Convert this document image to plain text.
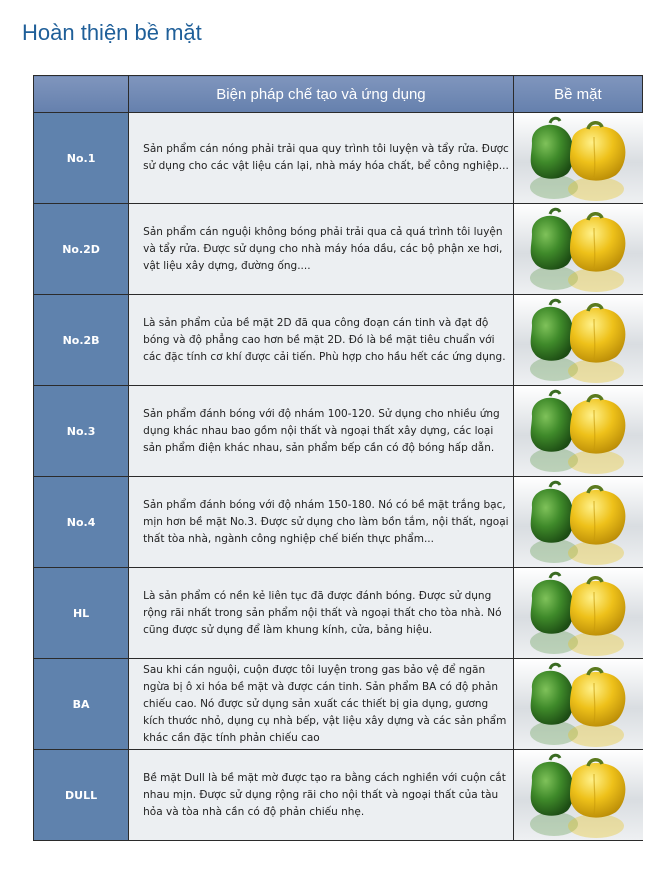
Hoàn thiện bề mặt
	Biện pháp chế tạo và ứng dụng	Bề mặt
No.1	Sản phẩm cán nóng phải trải qua quy trình tôi luyện và tẩy rửa. Được sử dụng cho các vật liệu cán lại, nhà máy hóa chất, bể công nghiệp...	

No.2D	Sản phẩm cán nguội không bóng phải trải qua cả quá trình tôi luyện và tẩy rửa. Được sử dụng cho nhà máy hóa dầu, các bộ phận xe hơi, vật liệu xây dựng, đường ống....	

No.2B	Là sản phẩm của bề mặt 2D đã qua công đoạn cán tinh và đạt độ bóng và độ phẳng cao hơn bề mặt 2D. Đó là bề mặt tiêu chuẩn với các đặc tính cơ khí được cải tiến. Phù hợp cho hầu hết các ứng dụng.	

No.3	Sản phẩm đánh bóng với độ nhám 100-120. Sử dụng cho nhiều ứng dụng khác nhau bao gồm nội thất và ngoại thất xây dựng, các loại sản phẩm điện khác nhau, sản phẩm bếp cần có độ bóng hấp dẫn.	

No.4	Sản phẩm đánh bóng với độ nhám 150-180. Nó có bề mặt trắng bạc, mịn hơn bề mặt No.3. Được sử dụng cho làm bồn tắm, nội thất, ngoại thất tòa nhà, ngành công nghiệp chế biến thực phẩm...	

HL	Là sản phẩm có nền kẻ liên tục đã được đánh bóng. Được sử dụng rộng rãi nhất trong sản phẩm nội thất và ngoại thất cho tòa nhà. Nó cũng được sử dụng để làm khung kính, cửa, bảng hiệu.	

BA	Sau khi cán nguội, cuộn được tôi luyện trong gas bảo vệ để ngăn ngừa bị ô xi hóa bề mặt và được cán tinh. Sản phẩm BA có độ phản chiếu cao. Nó được sử dụng sản xuất các thiết bị gia dụng, gương kích thước nhỏ, dụng cụ nhà bếp, vật liệu xây dựng và các sản phẩm khác cần đặc tính phản chiếu cao	

DULL	Bề mặt Dull là bề mặt mờ được tạo ra bằng cách nghiền với cuộn cắt nhau mịn. Được sử dụng rộng rãi cho nội thất và ngoại thất của tàu hỏa và tòa nhà cần có độ phản chiếu nhẹ.	
